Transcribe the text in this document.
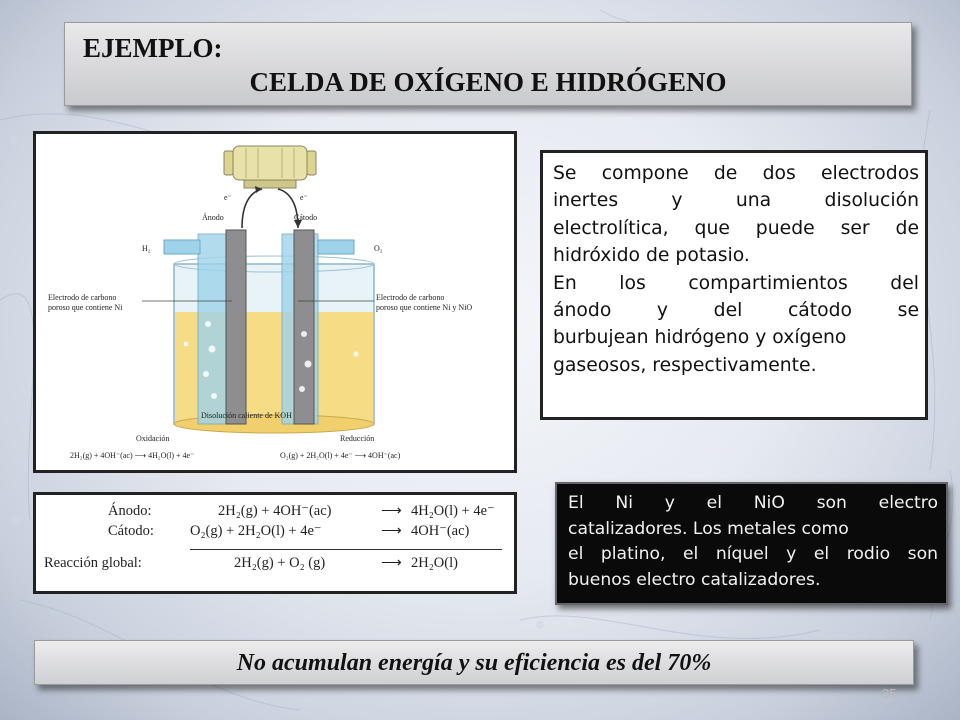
EJEMPLO:
CELDA DE OXÍGENO E HIDRÓGENO
e⁻	e⁻
Ánodo	Cátodo
H₂	O₂
Electrodo de carbono
poroso que contiene Ni
Electrodo de carbono
poroso que contiene Ni y NiO
Disolución caliente de KOH
Oxidación	Reducción
2H₂(g) + 4OH⁻(ac) ⟶ 4H₂O(l) + 4e⁻	O₂(g) + 2H₂O(l) + 4e⁻ ⟶ 4OH⁻(ac)
Ánodo:	2H₂(g) + 4OH⁻(ac)	⟶ 4H₂O(l) + 4e⁻
Cátodo: O₂(g) + 2H₂O(l) + 4e⁻	⟶ 4OH⁻(ac)
Reacción global:	2H₂(g) + O₂ (g)	⟶ 2H₂O(l)

Se compone de dos electrodos

inertes y una disolución

electrolítica, que puede ser de

hidróxido de potasio.

En los compartimientos del

ánodo y del cátodo se

burbujean hidrógeno y oxígeno

gaseosos, respectivamente.

El Ni y el NiO son electro

catalizadores. Los metales como

el platino, el níquel y el rodio son

buenos electro catalizadores.

No acumulan energía y su eficiencia es del 70%
35
